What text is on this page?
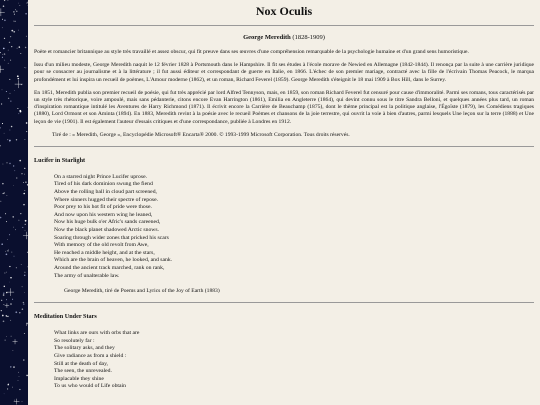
Nox Oculis
George Meredith (1828-1909)

Poète et romancier britannique au style très travaillé et assez obscur, qui fit preuve dans ses œuvres d'une compréhension remarquable de la psychologie humaine et d'un grand sens humoristique.

Issu d'un milieu modeste, George Meredith naquit le 12 février 1828 à Portsmouth dans le Hampshire. Il fit ses études à l'école morave de Newied en Allemagne (1842-1844). Il renonça par la suite à une carrière juridique pour se consacrer au journalisme et à la littérature ; il fut aussi éditeur et correspondant de guerre en Italie, en 1866. L'échec de son premier mariage, contracté avec la fille de l'écrivain Thomas Peacock, le marqua profondément et lui inspira un recueil de poèmes, L'Amour moderne (1862), et un roman, Richard Feverel (1859). George Meredith s'éteignit le 18 mai 1909 à Box Hill, dans le Surrey.

En 1851, Meredith publia son premier recueil de poésie, qui fut très apprécié par lord Alfred Tennyson, mais, en 1859, son roman Richard Feverel fut censuré pour cause d'immoralité. Parmi ses romans, tous caractérisés par un style très rhétorique, voire ampoulé, mais sans pédanterie, citons encore Evan Harrington (1861), Emilia en Angleterre (1864), qui devint connu sous le titre Sandra Belloni, et quelques années plus tard, un roman d'inspiration romantique intitulé les Aventures de Harry Richmond (1871). Il écrivit encore la Carrière de Beauchamp (1875), dont le thème principal est la politique anglaise, l'Égoïste (1879), les Comédiens tragiques (1880), Lord Ormont et son Aminta (1894). En 1883, Meredith revint à la poésie avec le recueil Poèmes et chansons de la joie terrestre, qui ouvrit la voie à bien d'autres, parmi lesquels Une leçon sur la terre (1888) et Une leçon de vie (1901). Il est également l'auteur d'essais critiques et d'une correspondance, publiée à Londres en 1912.

Tiré de : « Meredith, George », Encyclopédie Microsoft® Encarta® 2000. © 1993-1999 Microsoft Corporation. Tous droits réservés.

Lucifer in Starlight
On a starred night Prince Lucifer uprose.
Tired of his dark dominion swung the fiend
Above the rolling ball in cloud part screened,
Where sinners hugged their spectre of repose.
Poor prey to his hot fit of pride were those.
And now upon his western wing he leaned,
Now his huge bulk o'er Afric's sands careened,
Now the black planet shadowed Arctic snows.
Soaring through wider zones that pricked his scars
With memory of the old revolt from Awe,
He reached a middle height, and at the stars,
Which are the brain of heaven, he looked, and sank.
Around the ancient track marched, rank on rank,
The army of unalterable law.
George Meredith, tiré de Poems and Lyrics of the Joy of Earth (1883)
Meditation Under Stars
What links are ours with orbs that are
So resolutely far :
The solitary asks, and they
Give radiance as from a shield :
Still at the death of day,
The seen, the unrevealed.
Implacable they shine
To us who would of Life obtain
